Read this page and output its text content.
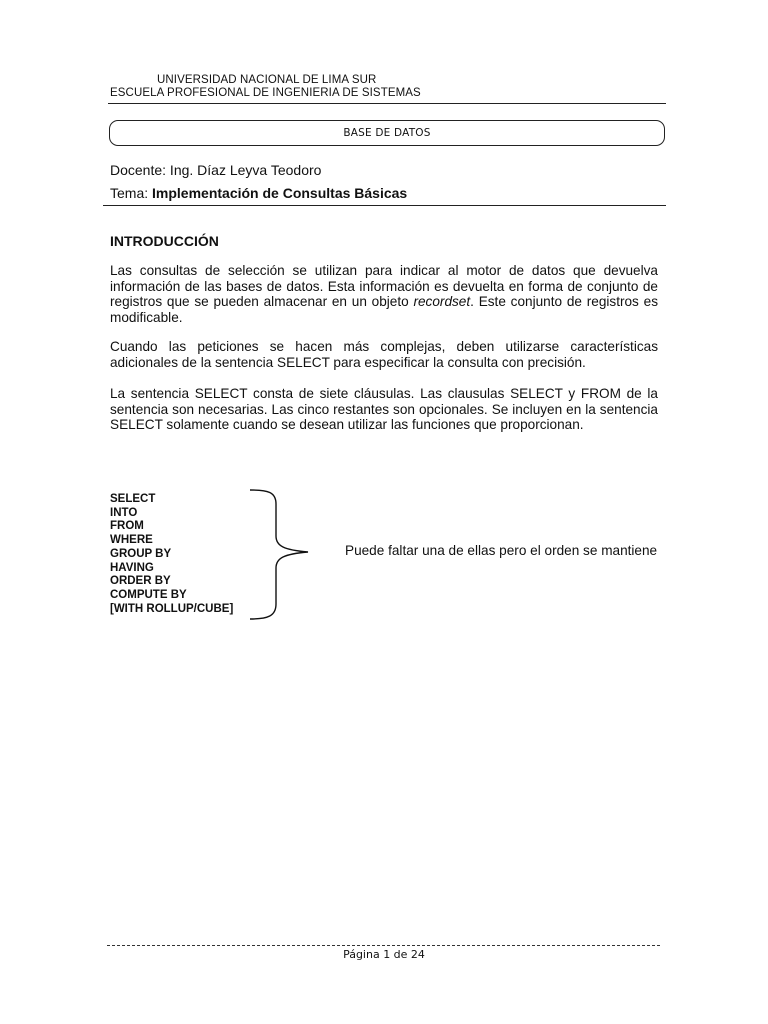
UNIVERSIDAD NACIONAL DE LIMA SUR
ESCUELA PROFESIONAL DE INGENIERIA DE SISTEMAS
BASE DE DATOS
Docente: Ing. Díaz Leyva Teodoro
Tema: Implementación de Consultas Básicas
INTRODUCCIÓN
Las consultas de selección se utilizan para indicar al motor de datos que devuelva información de las bases de datos. Esta información es devuelta en forma de conjunto de registros que se pueden almacenar en un objeto recordset. Este conjunto de registros es modificable.
Cuando las peticiones se hacen más complejas, deben utilizarse características adicionales de la sentencia SELECT para especificar la consulta con precisión.
La sentencia SELECT consta de siete cláusulas. Las clausulas SELECT y FROM de la sentencia son necesarias. Las cinco restantes son opcionales. Se incluyen en la sentencia SELECT solamente cuando se desean utilizar las funciones que proporcionan.
SELECT
INTO
FROM
WHERE
GROUP BY
HAVING
ORDER BY
COMPUTE BY
[WITH ROLLUP/CUBE]
Puede faltar una de ellas pero el orden se mantiene
Página 1 de 24
